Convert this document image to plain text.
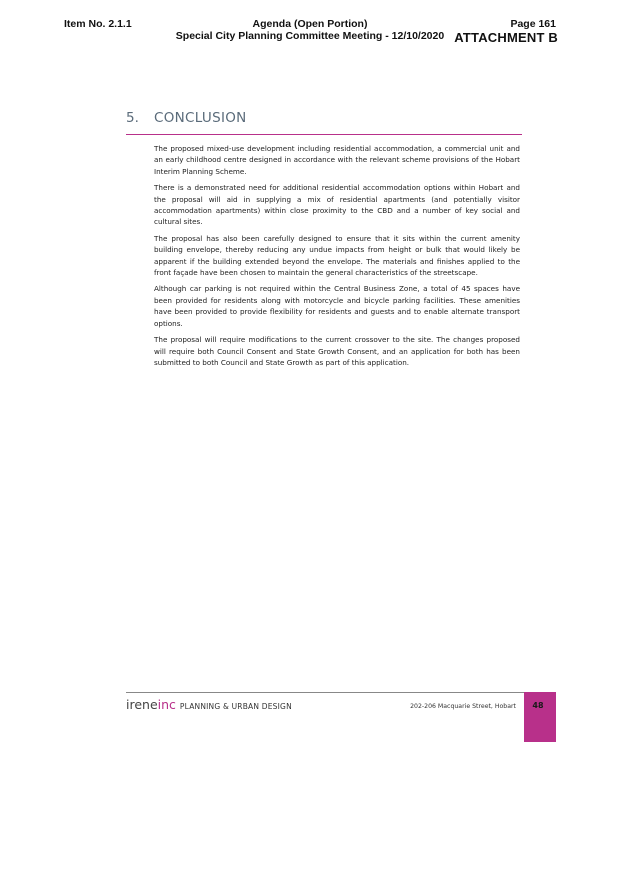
Item No. 2.1.1	Agenda (Open Portion)
Special City Planning Committee Meeting - 12/10/2020
Page 161
ATTACHMENT B
5. CONCLUSION

The proposed mixed-use development including residential accommodation, a commercial unit and an early childhood centre designed in accordance with the relevant scheme provisions of the Hobart Interim Planning Scheme.

There is a demonstrated need for additional residential accommodation options within Hobart and the proposal will aid in supplying a mix of residential apartments (and potentially visitor accommodation apartments) within close proximity to the CBD and a number of key social and cultural sites.

The proposal has also been carefully designed to ensure that it sits within the current amenity building envelope, thereby reducing any undue impacts from height or bulk that would likely be apparent if the building extended beyond the envelope. The materials and finishes applied to the front façade have been chosen to maintain the general characteristics of the streetscape.

Although car parking is not required within the Central Business Zone, a total of 45 spaces have been provided for residents along with motorcycle and bicycle parking facilities. These amenities have been provided to provide flexibility for residents and guests and to enable alternate transport options.

The proposal will require modifications to the current crossover to the site. The changes proposed will require both Council Consent and State Growth Consent, and an application for both has been submitted to both Council and State Growth as part of this application.

ireneinc PLANNING & URBAN DESIGN	202-206 Macquarie Street, Hobart	48
